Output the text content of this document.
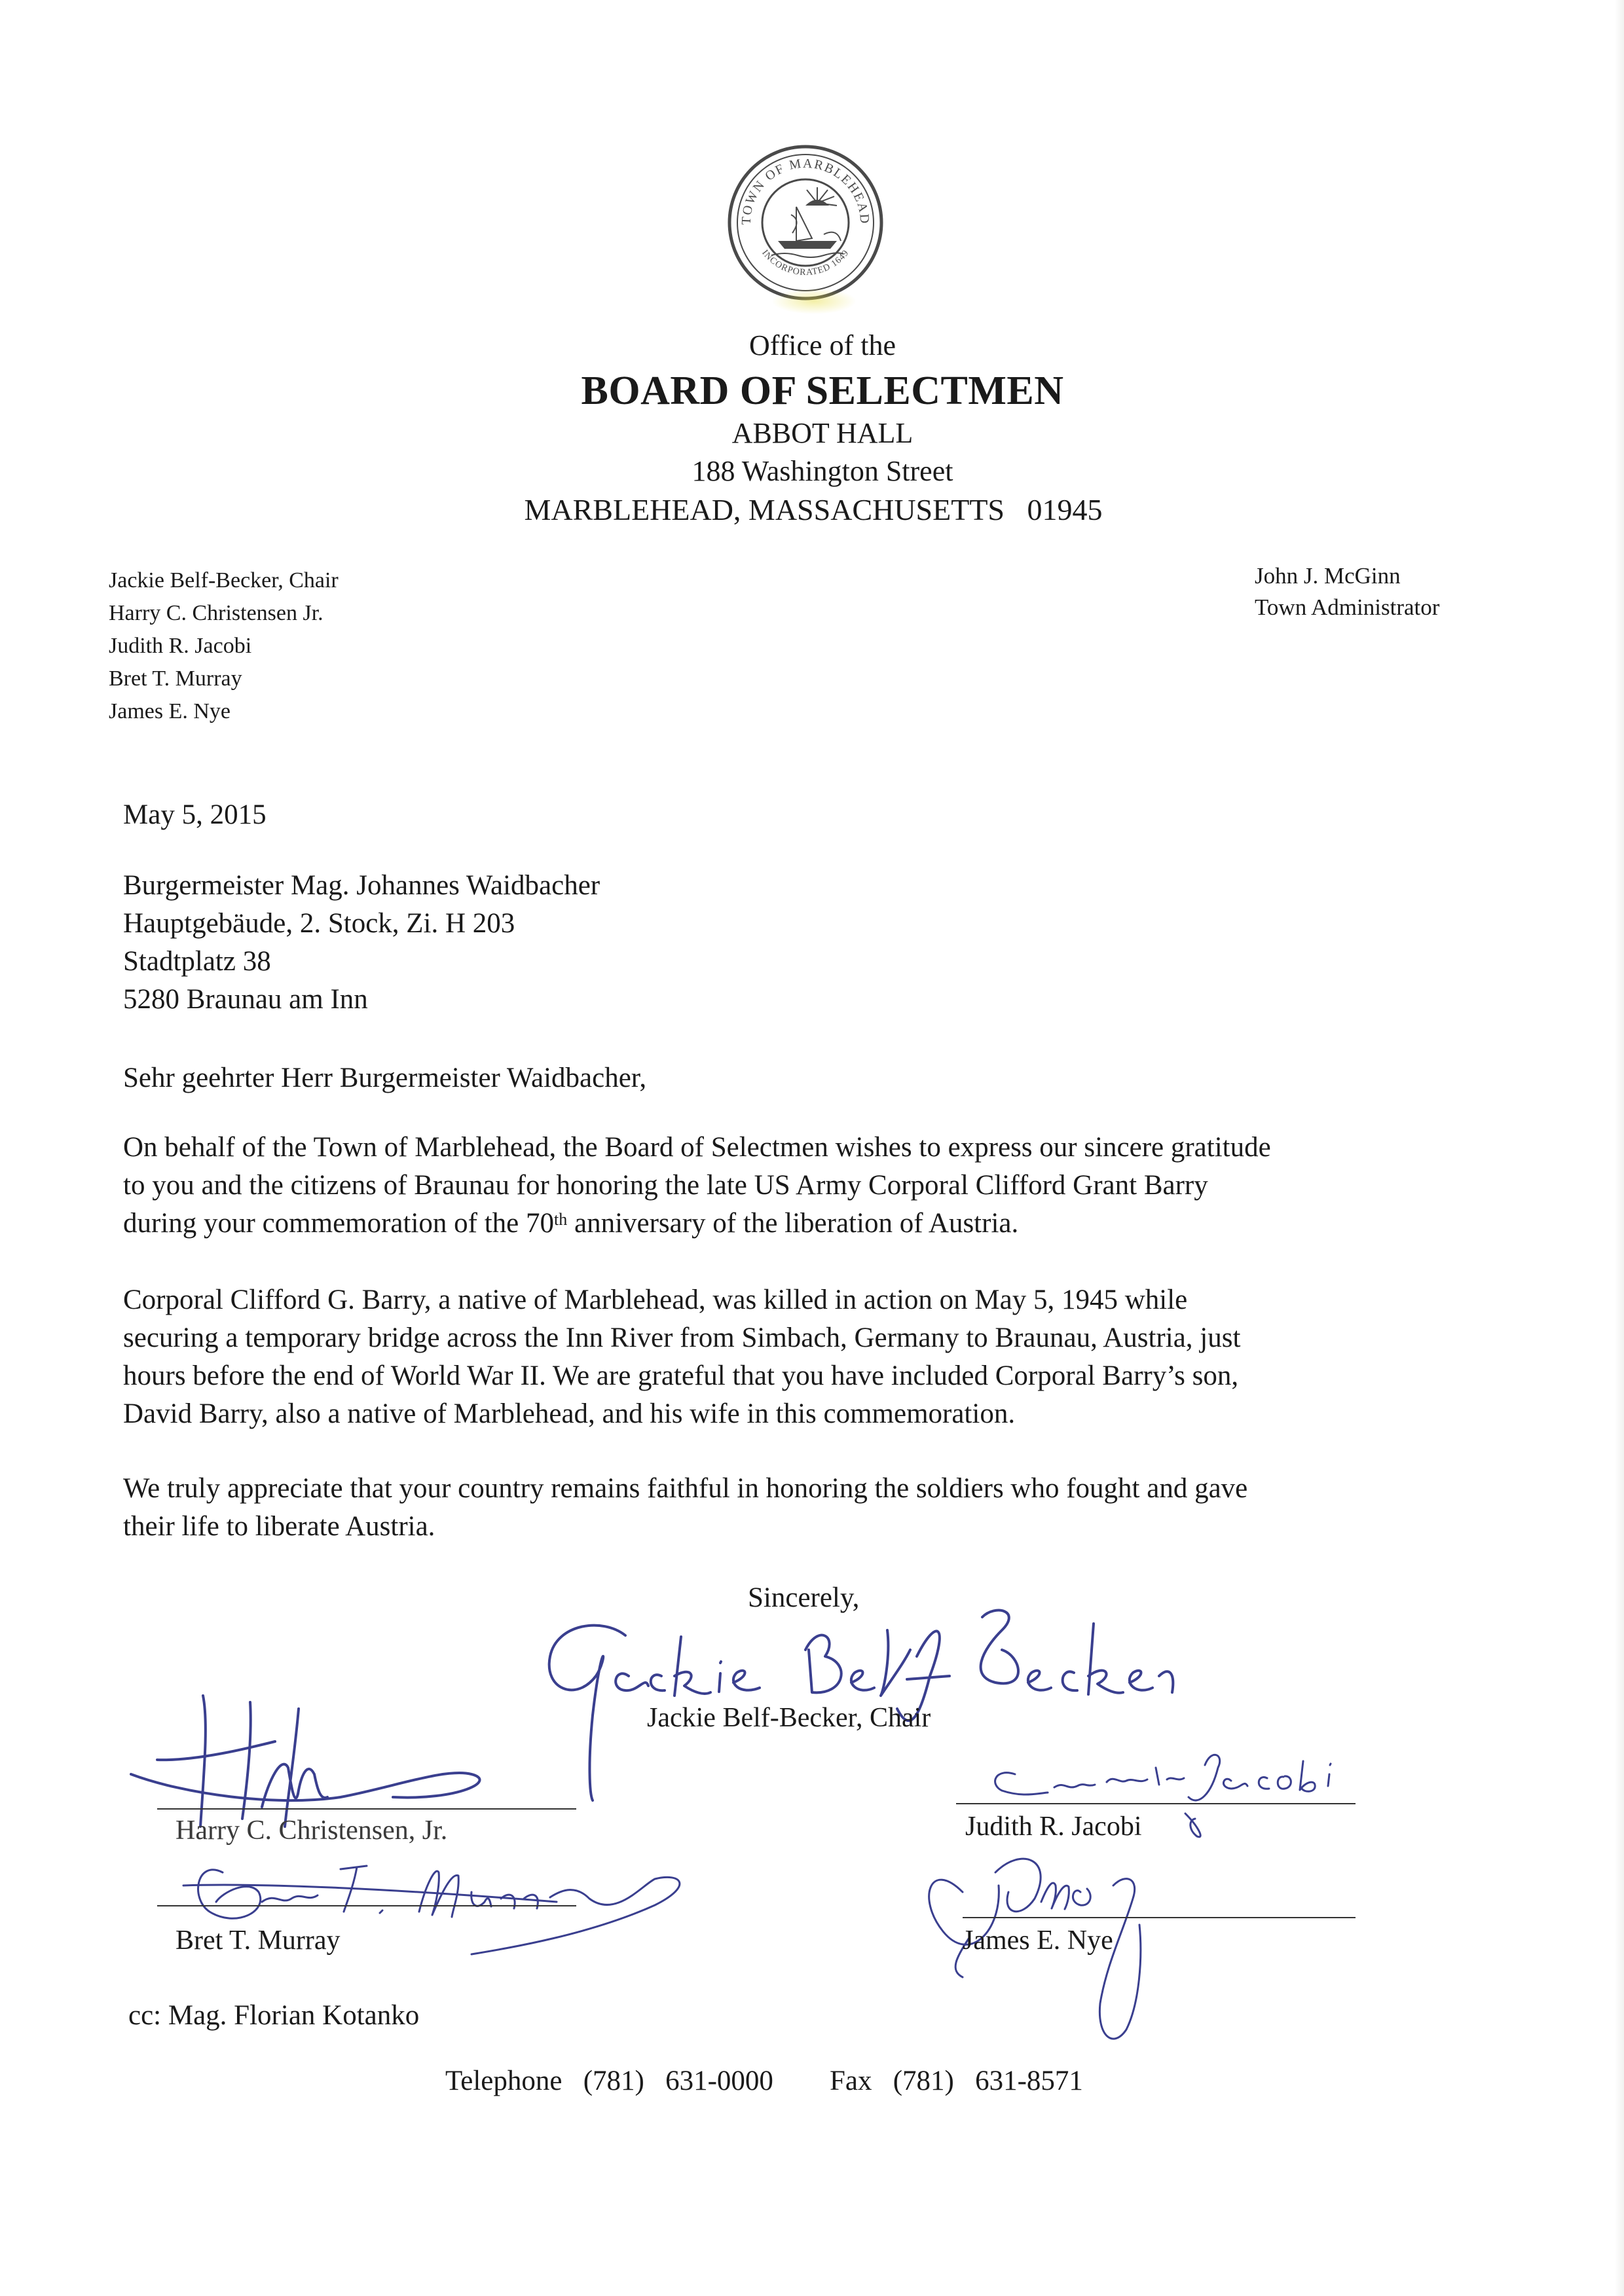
TOWN OF MARBLEHEAD
INCORPORATED 1649
Office of the
BOARD OF SELECTMEN
ABBOT HALL
188 Washington Street
MARBLEHEAD, MASSACHUSETTS   01945
Jackie Belf-Becker, Chair
Harry C. Christensen Jr.
Judith R. Jacobi
Bret T. Murray
James E. Nye
John J. McGinn
Town Administrator
May 5, 2015
Burgermeister Mag. Johannes Waidbacher
Hauptgebäude, 2. Stock, Zi. H 203
Stadtplatz 38
5280 Braunau am Inn
Sehr geehrter Herr Burgermeister Waidbacher,
On behalf of the Town of Marblehead, the Board of Selectmen wishes to express our sincere gratitude
to you and the citizens of Braunau for honoring the late US Army Corporal Clifford Grant Barry
during your commemoration of the 70th anniversary of the liberation of Austria.
Corporal Clifford G. Barry, a native of Marblehead, was killed in action on May 5, 1945 while
securing a temporary bridge across the Inn River from Simbach, Germany to Braunau, Austria, just
hours before the end of World War II. We are grateful that you have included Corporal Barry’s son,
David Barry, also a native of Marblehead, and his wife in this commemoration.
We truly appreciate that your country remains faithful in honoring the soldiers who fought and gave
their life to liberate Austria.
Sincerely,
Jackie Belf-Becker, Chair
Harry C. Christensen, Jr.	Judith R. Jacobi
Bret T. Murray	James E. Nye
cc: Mag. Florian Kotanko
Telephone   (781)   631-0000 Fax   (781)   631-8571
